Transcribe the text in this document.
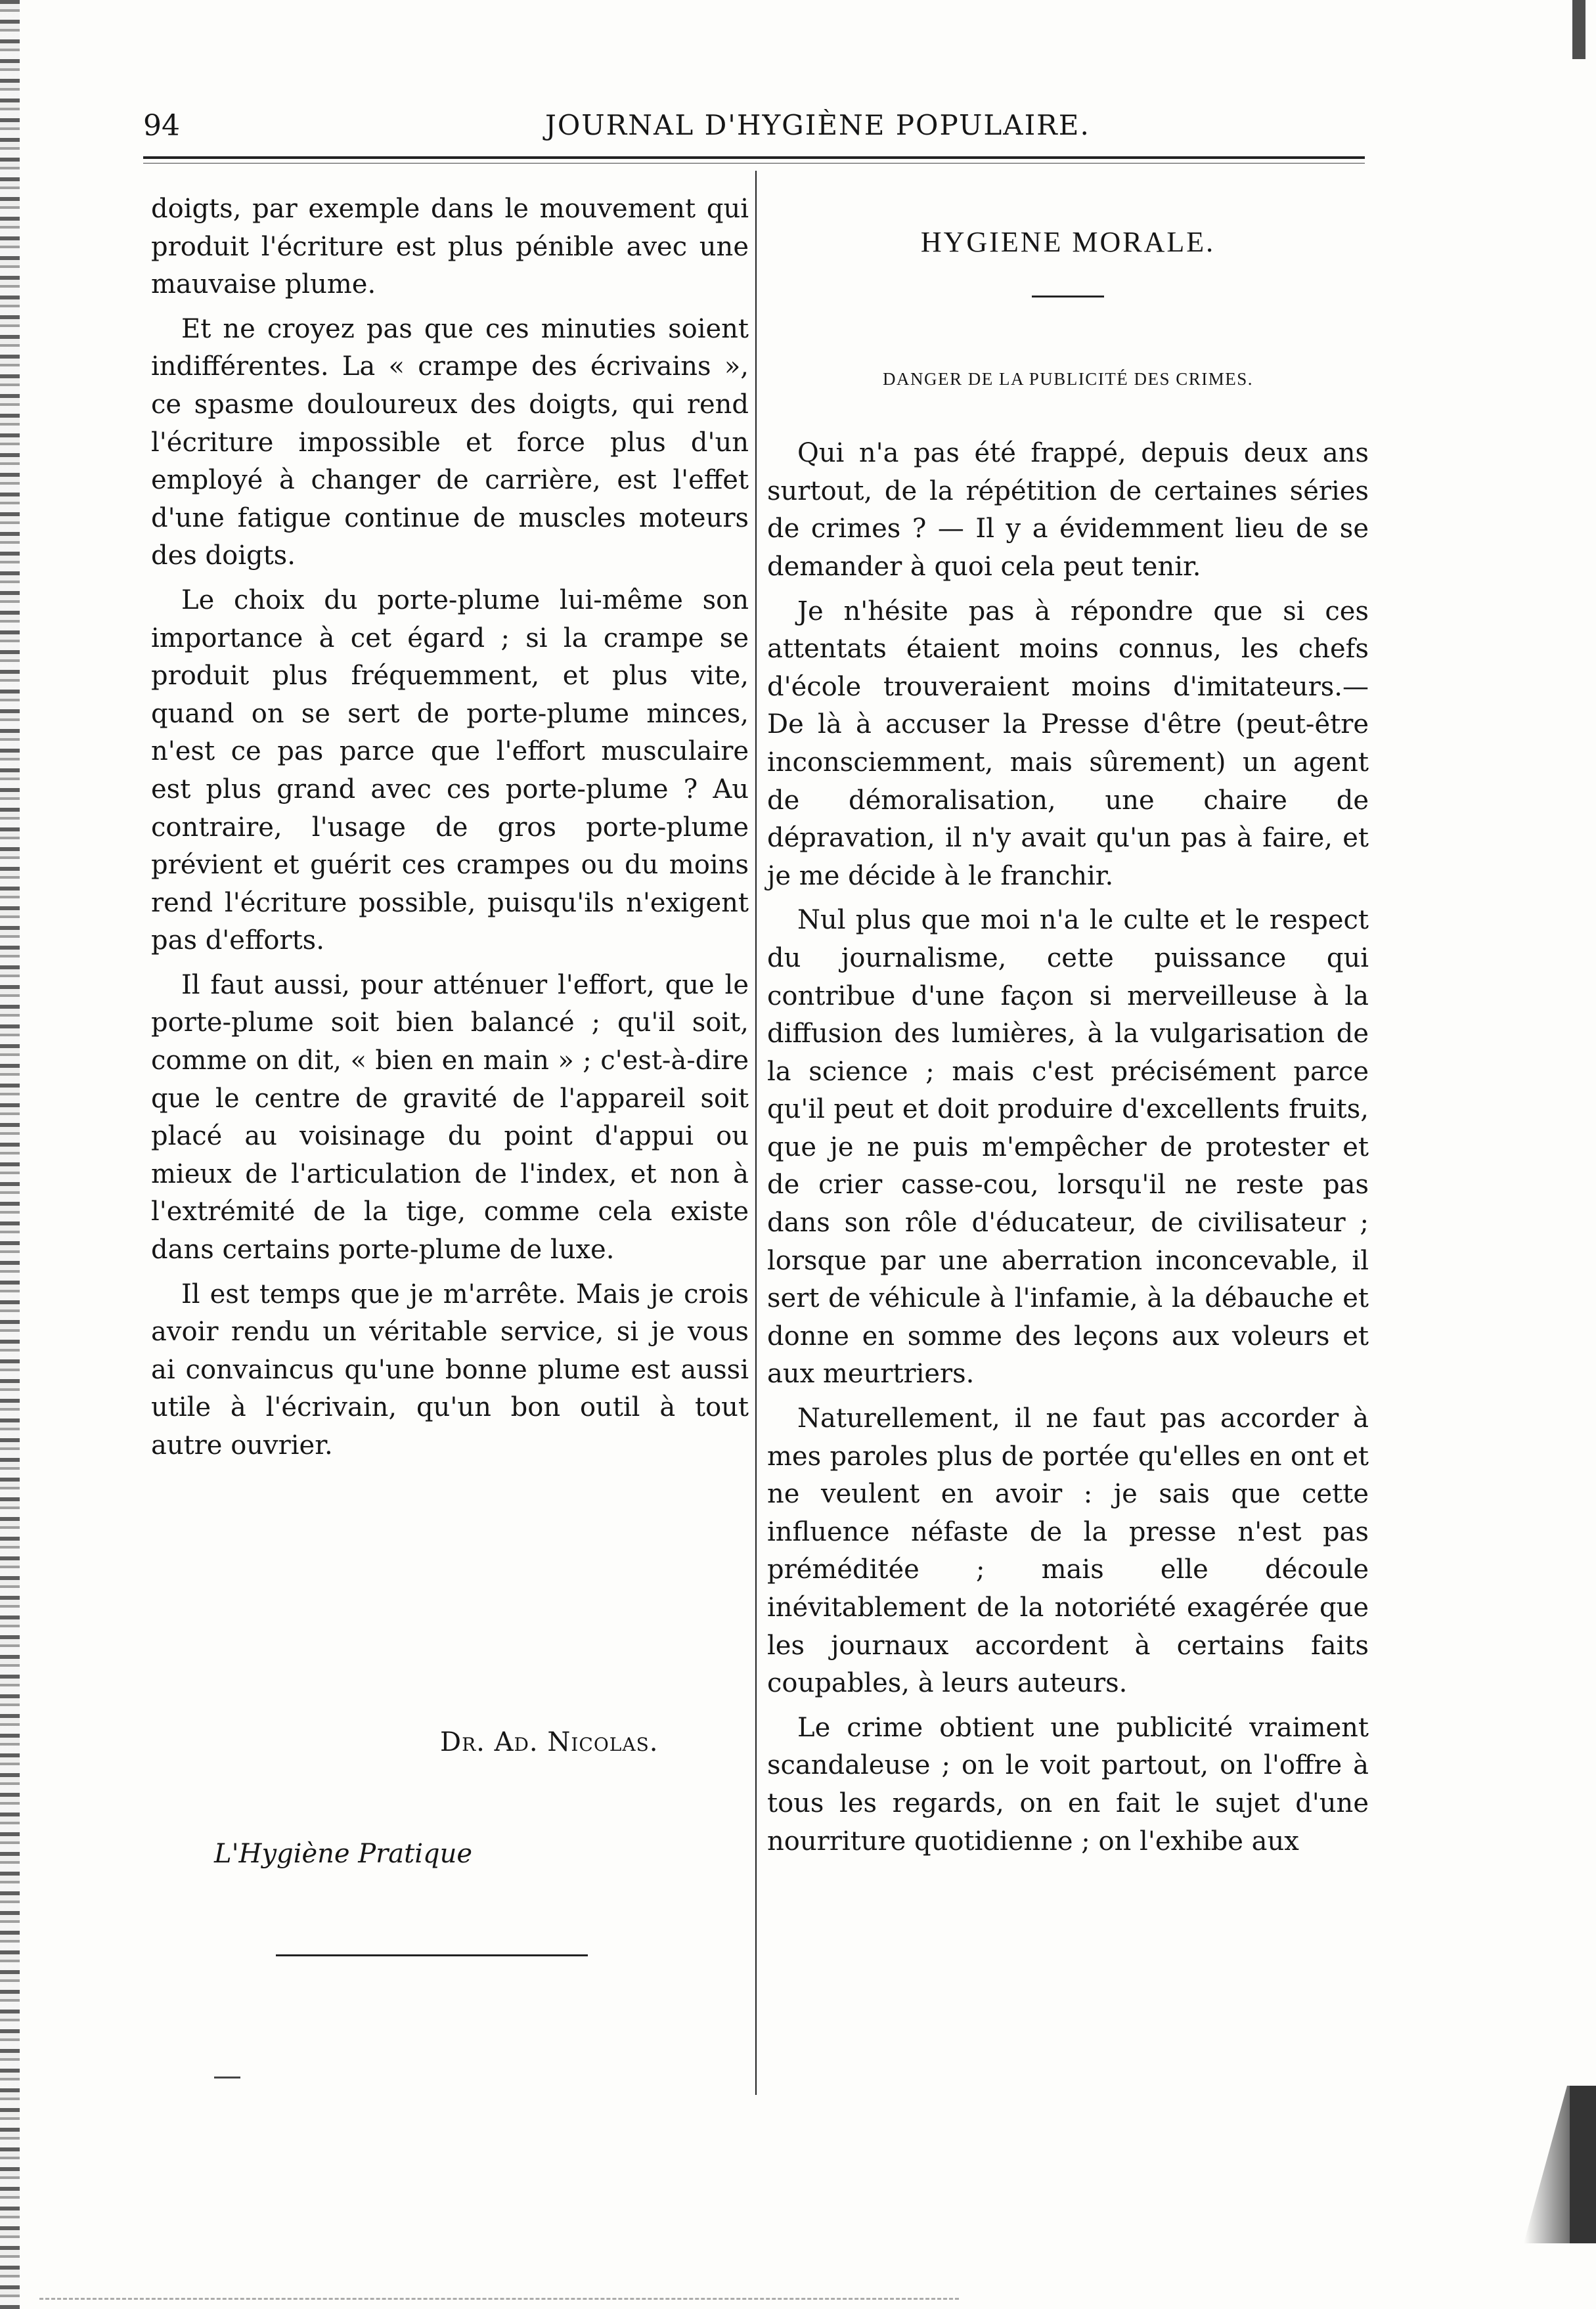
94	JOURNAL D'HYGIÈNE POPULAIRE.

doigts, par exemple dans le mouvement qui produit l'écriture est plus pénible avec une mauvaise plume.

Et ne croyez pas que ces minuties soient indifférentes. La « crampe des écrivains », ce spasme douloureux des doigts, qui rend l'écriture impossible et force plus d'un employé à changer de carrière, est l'effet d'une fatigue continue de muscles moteurs des doigts.

Le choix du porte-plume lui-même son importance à cet égard ; si la crampe se produit plus fréquemment, et plus vite, quand on se sert de porte-plume minces, n'est ce pas parce que l'effort musculaire est plus grand avec ces porte-plume ? Au contraire, l'usage de gros porte-plume prévient et guérit ces crampes ou du moins rend l'écriture possible, puisqu'ils n'exigent pas d'efforts.

Il faut aussi, pour atténuer l'effort, que le porte-plume soit bien balancé ; qu'il soit, comme on dit, « bien en main » ; c'est-à-dire que le centre de gravité de l'appareil soit placé au voisinage du point d'appui ou mieux de l'articulation de l'index, et non à l'extrémité de la tige, comme cela existe dans certains porte-plume de luxe.

Il est temps que je m'arrête. Mais je crois avoir rendu un véritable service, si je vous ai convaincus qu'une bonne plume est aussi utile à l'écrivain, qu'un bon outil à tout autre ouvrier.

Dr. Ad. Nicolas.
L'Hygiène Pratique
HYGIENE MORALE.
DANGER DE LA PUBLICITÉ DES CRIMES.

Qui n'a pas été frappé, depuis deux ans surtout, de la répétition de certaines séries de crimes ? — Il y a évidemment lieu de se demander à quoi cela peut tenir.

Je n'hésite pas à répondre que si ces attentats étaient moins connus, les chefs d'école trouveraient moins d'imitateurs.— De là à accuser la Presse d'être (peut-être inconsciemment, mais sûrement) un agent de démoralisation, une chaire de dépravation, il n'y avait qu'un pas à faire, et je me décide à le franchir.

Nul plus que moi n'a le culte et le respect du journalisme, cette puissance qui contribue d'une façon si merveilleuse à la diffusion des lumières, à la vulgarisation de la science ; mais c'est précisément parce qu'il peut et doit produire d'excellents fruits, que je ne puis m'empêcher de protester et de crier casse-cou, lorsqu'il ne reste pas dans son rôle d'éducateur, de civilisateur ; lorsque par une aberration inconcevable, il sert de véhicule à l'infamie, à la débauche et donne en somme des leçons aux voleurs et aux meurtriers.

Naturellement, il ne faut pas accorder à mes paroles plus de portée qu'elles en ont et ne veulent en avoir : je sais que cette influence néfaste de la presse n'est pas préméditée ; mais elle découle inévitablement de la notoriété exagérée que les journaux accordent à certains faits coupables, à leurs auteurs.

Le crime obtient une publicité vraiment scandaleuse ; on le voit partout, on l'offre à tous les regards, on en fait le sujet d'une nourriture quotidienne ; on l'exhibe aux
